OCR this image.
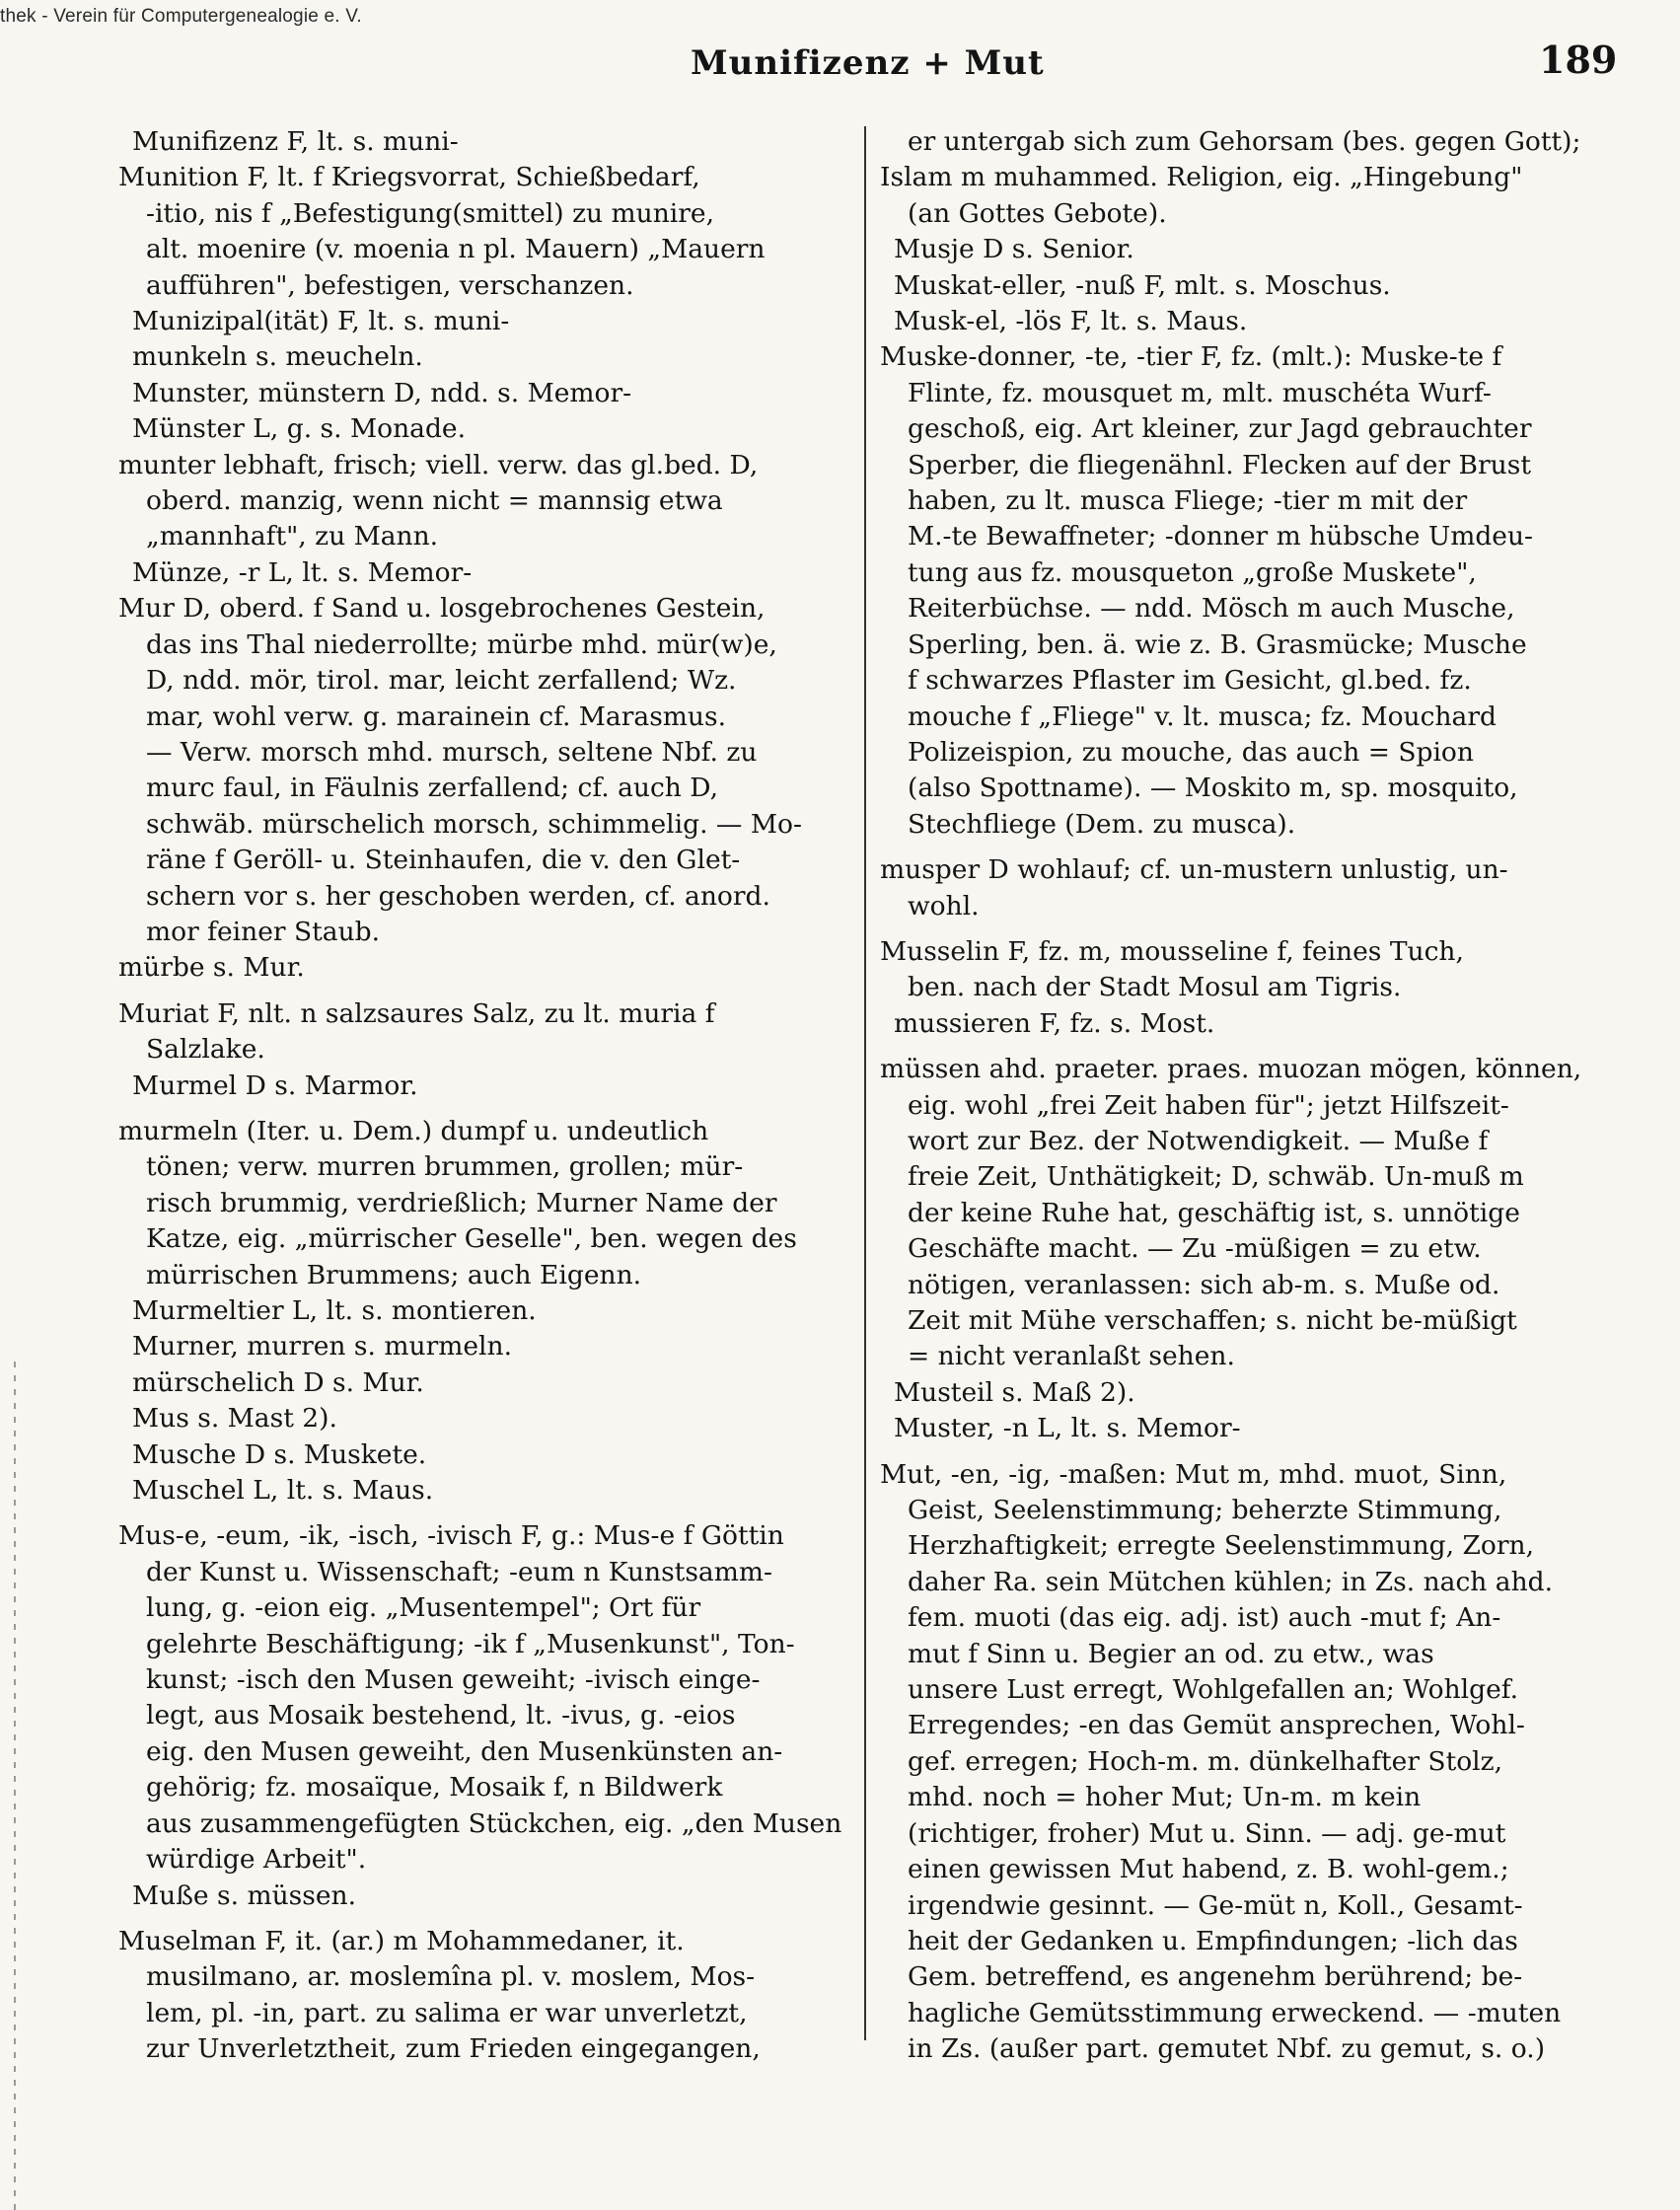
thek - Verein für Computergenealogie e. V.
Munifizenz + Mut	189
Munifizenz F, lt. s. muni-
Munition F, lt. f Kriegsvorrat, Schießbedarf,
-itio, nis f „Befestigung(smittel) zu munire,
alt. moenire (v. moenia n pl. Mauern) „Mauern
aufführen", befestigen, verschanzen.
Munizipal(ität) F, lt. s. muni-
munkeln s. meucheln.
Munster, münstern D, ndd. s. Memor-
Münster L, g. s. Monade.
munter lebhaft, frisch; viell. verw. das gl.bed. D,
oberd. manzig, wenn nicht = mannsig etwa
„mannhaft", zu Mann.
Münze, -r L, lt. s. Memor-
Mur D, oberd. f Sand u. losgebrochenes Gestein,
das ins Thal niederrollte; mürbe mhd. mür(w)e,
D, ndd. mör, tirol. mar, leicht zerfallend; Wz.
mar, wohl verw. g. marainein cf. Marasmus.
— Verw. morsch mhd. mursch, seltene Nbf. zu
murc faul, in Fäulnis zerfallend; cf. auch D,
schwäb. mürschelich morsch, schimmelig. — Mo-
räne f Geröll- u. Steinhaufen, die v. den Glet-
schern vor s. her geschoben werden, cf. anord.
mor feiner Staub.
mürbe s. Mur.
Muriat F, nlt. n salzsaures Salz, zu lt. muria f
Salzlake.
Murmel D s. Marmor.
murmeln (Iter. u. Dem.) dumpf u. undeutlich
tönen; verw. murren brummen, grollen; mür-
risch brummig, verdrießlich; Murner Name der
Katze, eig. „mürrischer Geselle", ben. wegen des
mürrischen Brummens; auch Eigenn.
Murmeltier L, lt. s. montieren.
Murner, murren s. murmeln.
mürschelich D s. Mur.
Mus s. Mast 2).
Musche D s. Muskete.
Muschel L, lt. s. Maus.
Mus-e, -eum, -ik, -isch, -ivisch F, g.: Mus-e f Göttin
der Kunst u. Wissenschaft; -eum n Kunstsamm-
lung, g. -eion eig. „Musentempel"; Ort für
gelehrte Beschäftigung; -ik f „Musenkunst", Ton-
kunst; -isch den Musen geweiht; -ivisch einge-
legt, aus Mosaik bestehend, lt. -ivus, g. -eios
eig. den Musen geweiht, den Musenkünsten an-
gehörig; fz. mosaïque, Mosaik f, n Bildwerk
aus zusammengefügten Stückchen, eig. „den Musen
würdige Arbeit".
Muße s. müssen.
Muselman F, it. (ar.) m Mohammedaner, it.
musilmano, ar. moslemîna pl. v. moslem, Mos-
lem, pl. -in, part. zu salima er war unverletzt,
zur Unverletztheit, zum Frieden eingegangen,
er untergab sich zum Gehorsam (bes. gegen Gott);
Islam m muhammed. Religion, eig. „Hingebung"
(an Gottes Gebote).
Musje D s. Senior.
Muskat-eller, -nuß F, mlt. s. Moschus.
Musk-el, -lös F, lt. s. Maus.
Muske-donner, -te, -tier F, fz. (mlt.): Muske-te f
Flinte, fz. mousquet m, mlt. muschéta Wurf-
geschoß, eig. Art kleiner, zur Jagd gebrauchter
Sperber, die fliegenähnl. Flecken auf der Brust
haben, zu lt. musca Fliege; -tier m mit der
M.-te Bewaffneter; -donner m hübsche Umdeu-
tung aus fz. mousqueton „große Muskete",
Reiterbüchse. — ndd. Mösch m auch Musche,
Sperling, ben. ä. wie z. B. Grasmücke; Musche
f schwarzes Pflaster im Gesicht, gl.bed. fz.
mouche f „Fliege" v. lt. musca; fz. Mouchard
Polizeispion, zu mouche, das auch = Spion
(also Spottname). — Moskito m, sp. mosquito,
Stechfliege (Dem. zu musca).
musper D wohlauf; cf. un-mustern unlustig, un-
wohl.
Musselin F, fz. m, mousseline f, feines Tuch,
ben. nach der Stadt Mosul am Tigris.
mussieren F, fz. s. Most.
müssen ahd. praeter. praes. muozan mögen, können,
eig. wohl „frei Zeit haben für"; jetzt Hilfszeit-
wort zur Bez. der Notwendigkeit. — Muße f
freie Zeit, Unthätigkeit; D, schwäb. Un-muß m
der keine Ruhe hat, geschäftig ist, s. unnötige
Geschäfte macht. — Zu -müßigen = zu etw.
nötigen, veranlassen: sich ab-m. s. Muße od.
Zeit mit Mühe verschaffen; s. nicht be-müßigt
= nicht veranlaßt sehen.
Musteil s. Maß 2).
Muster, -n L, lt. s. Memor-
Mut, -en, -ig, -maßen: Mut m, mhd. muot, Sinn,
Geist, Seelenstimmung; beherzte Stimmung,
Herzhaftigkeit; erregte Seelenstimmung, Zorn,
daher Ra. sein Mütchen kühlen; in Zs. nach ahd.
fem. muoti (das eig. adj. ist) auch -mut f; An-
mut f Sinn u. Begier an od. zu etw., was
unsere Lust erregt, Wohlgefallen an; Wohlgef.
Erregendes; -en das Gemüt ansprechen, Wohl-
gef. erregen; Hoch-m. m. dünkelhafter Stolz,
mhd. noch = hoher Mut; Un-m. m kein
(richtiger, froher) Mut u. Sinn. — adj. ge-mut
einen gewissen Mut habend, z. B. wohl-gem.;
irgendwie gesinnt. — Ge-müt n, Koll., Gesamt-
heit der Gedanken u. Empfindungen; -lich das
Gem. betreffend, es angenehm berührend; be-
hagliche Gemütsstimmung erweckend. — -muten
in Zs. (außer part. gemutet Nbf. zu gemut, s. o.)
